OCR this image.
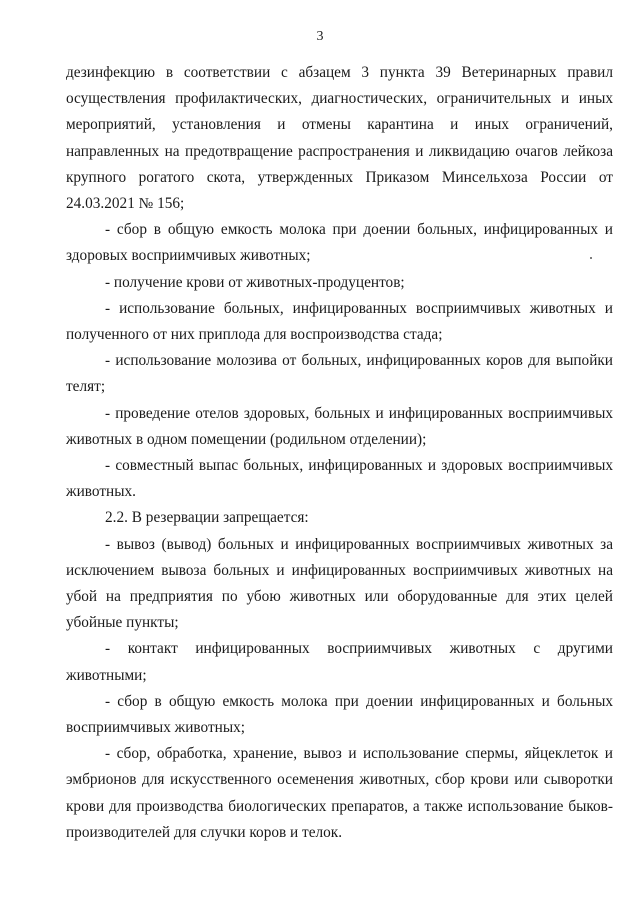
3

дезинфекцию в соответствии с абзацем 3 пункта 39 Ветеринарных правил осуществления профилактических, диагностических, ограничительных и иных мероприятий, установления и отмены карантина и иных ограничений, направленных на предотвращение распространения и ликвидацию очагов лейкоза крупного рогатого скота, утвержденных Приказом Минсельхоза России от 24.03.2021 № 156;

- сбор в общую емкость молока при доении больных, инфицированных и здоровых восприимчивых животных;

- получение крови от животных-продуцентов;

- использование больных, инфицированных восприимчивых животных и полученного от них приплода для воспроизводства стада;

- использование молозива от больных, инфицированных коров для выпойки телят;

- проведение отелов здоровых, больных и инфицированных восприимчивых животных в одном помещении (родильном отделении);

- совместный выпас больных, инфицированных и здоровых восприимчивых животных.

2.2. В резервации запрещается:

- вывоз (вывод) больных и инфицированных восприимчивых животных за исключением вывоза больных и инфицированных восприимчивых животных на убой на предприятия по убою животных или оборудованные для этих целей убойные пункты;

- контакт инфицированных восприимчивых животных с другими животными;

- сбор в общую емкость молока при доении инфицированных и больных восприимчивых животных;

- сбор, обработка, хранение, вывоз и использование спермы, яйцеклеток и эмбрионов для искусственного осеменения животных, сбор крови или сыворотки крови для производства биологических препаратов, а также использование быков-производителей для случки коров и телок.
